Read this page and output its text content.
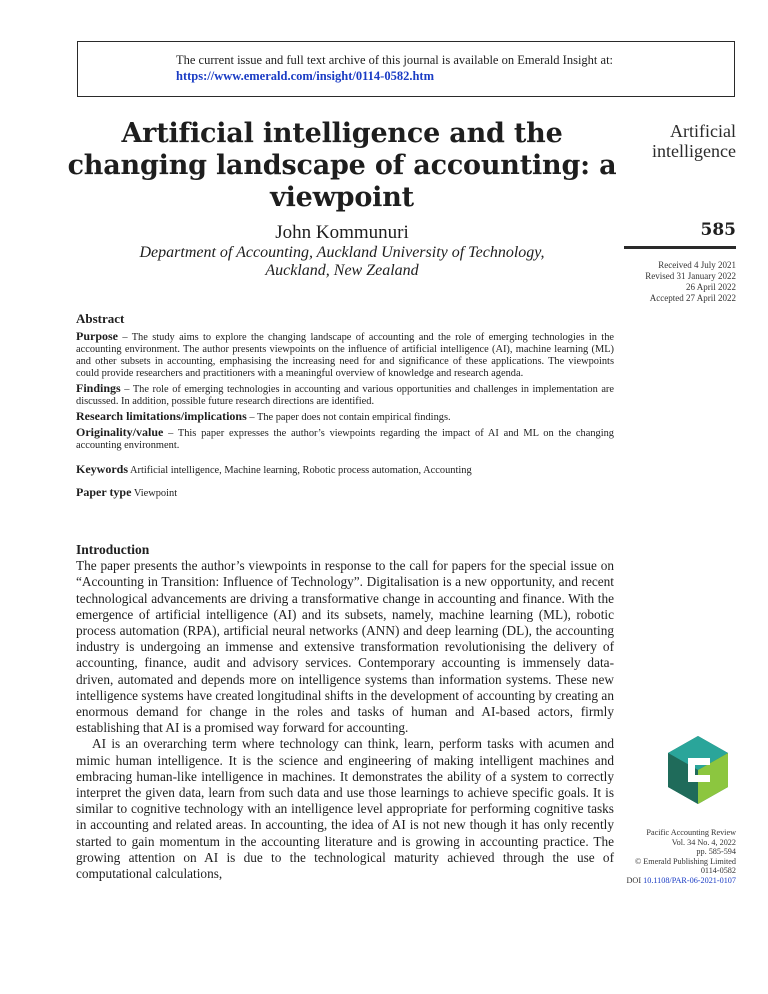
The current issue and full text archive of this journal is available on Emerald Insight at:
https://www.emerald.com/insight/0114-0582.htm
Artificial intelligence and the changing landscape of accounting: a viewpoint
John Kommunuri
Department of Accounting, Auckland University of Technology,
Auckland, New Zealand
Artificial
intelligence
585
Received 4 July 2021
Revised 31 January 2022
26 April 2022
Accepted 27 April 2022
Abstract

Purpose – The study aims to explore the changing landscape of accounting and the role of emerging technologies in the accounting environment. The author presents viewpoints on the influence of artificial intelligence (AI), machine learning (ML) and other subsets in accounting, emphasising the increasing need for and significance of these applications. The viewpoints could provide researchers and practitioners with a meaningful overview of knowledge and research agenda.

Findings – The role of emerging technologies in accounting and various opportunities and challenges in implementation are discussed. In addition, possible future research directions are identified.

Research limitations/implications – The paper does not contain empirical findings.

Originality/value – This paper expresses the author’s viewpoints regarding the impact of AI and ML on the changing accounting environment.

Keywords Artificial intelligence, Machine learning, Robotic process automation, Accounting

Paper type Viewpoint

Introduction

The paper presents the author’s viewpoints in response to the call for papers for the special issue on “Accounting in Transition: Influence of Technology”. Digitalisation is a new opportunity, and recent technological advancements are driving a transformative change in accounting and finance. With the emergence of artificial intelligence (AI) and its subsets, namely, machine learning (ML), robotic process automation (RPA), artificial neural networks (ANN) and deep learning (DL), the accounting industry is undergoing an immense and extensive transformation revolutionising the delivery of accounting, finance, audit and advisory services. Contemporary accounting is immensely data-driven, automated and depends more on intelligence systems than information systems. These new intelligence systems have created longitudinal shifts in the development of accounting by creating an enormous demand for change in the roles and tasks of human and AI-based actors, firmly establishing that AI is a promised way forward for accounting.

AI is an overarching term where technology can think, learn, perform tasks with acumen and mimic human intelligence. It is the science and engineering of making intelligent machines and embracing human-like intelligence in machines. It demonstrates the ability of a system to correctly interpret the given data, learn from such data and use those learnings to achieve specific goals. It is similar to cognitive technology with an intelligence level appropriate for performing cognitive tasks in accounting and related areas. In accounting, the idea of AI is not new though it has only recently started to gain momentum in the accounting literature and is growing in accounting practice. The growing attention on AI is due to the technological maturity achieved through the use of computational calculations,

Pacific Accounting Review
Vol. 34 No. 4, 2022
pp. 585-594
© Emerald Publishing Limited
0114-0582
DOI 10.1108/PAR-06-2021-0107
